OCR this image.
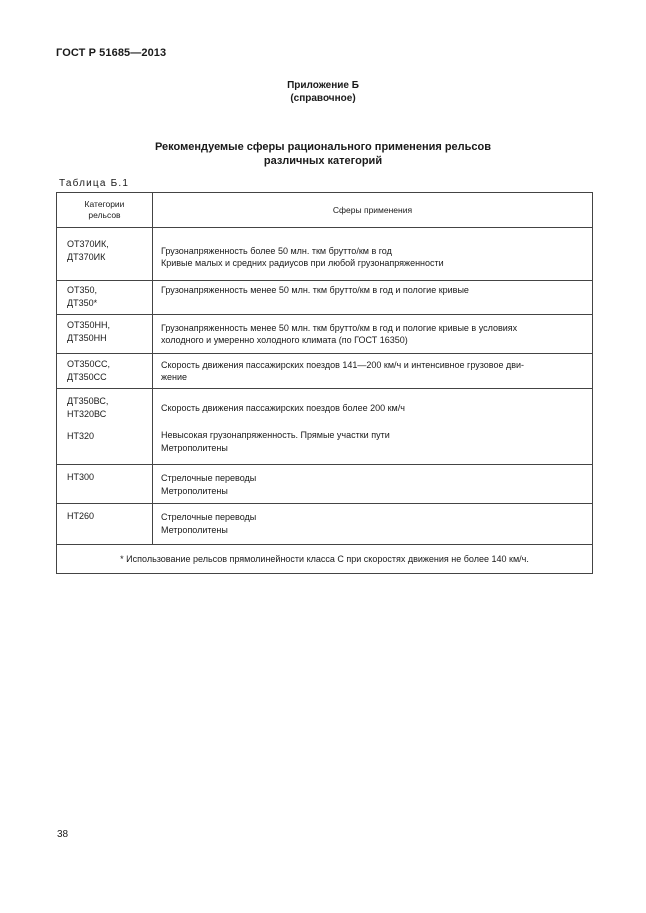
ГОСТ Р 51685—2013
Приложение Б
(справочное)
Рекомендуемые сферы рационального применения рельсов
различных категорий
Таблица Б.1
Категории рельсов	Сферы применения

ОТ370ИК,
ДТ370ИК	Грузонапряженность более 50 млн. ткм брутто/км в год
Кривые малых и средних радиусов при любой грузонапряженности

ОТ350,
ДТ350*	Грузонапряженность менее 50 млн. ткм брутто/км в год и пологие кривые

ОТ350НН,
ДТ350НН	Грузонапряженность менее 50 млн. ткм брутто/км в год и пологие кривые в условиях
холодного и умеренно холодного климата (по ГОСТ 16350)

ОТ350СС,
ДТ350СС	Скорость движения пассажирских поездов 141—200 км/ч и интенсивное грузовое дви-
жение

ДТ350ВС,
НТ320ВС	Скорость движения пассажирских поездов более 200 км/ч

НТ320	Невысокая грузонапряженность. Прямые участки пути
Метрополитены

НТ300	Стрелочные переводы
Метрополитены

НТ260	Стрелочные переводы
Метрополитены

* Использование рельсов прямолинейности класса С при скоростях движения не более 140 км/ч.	
38
